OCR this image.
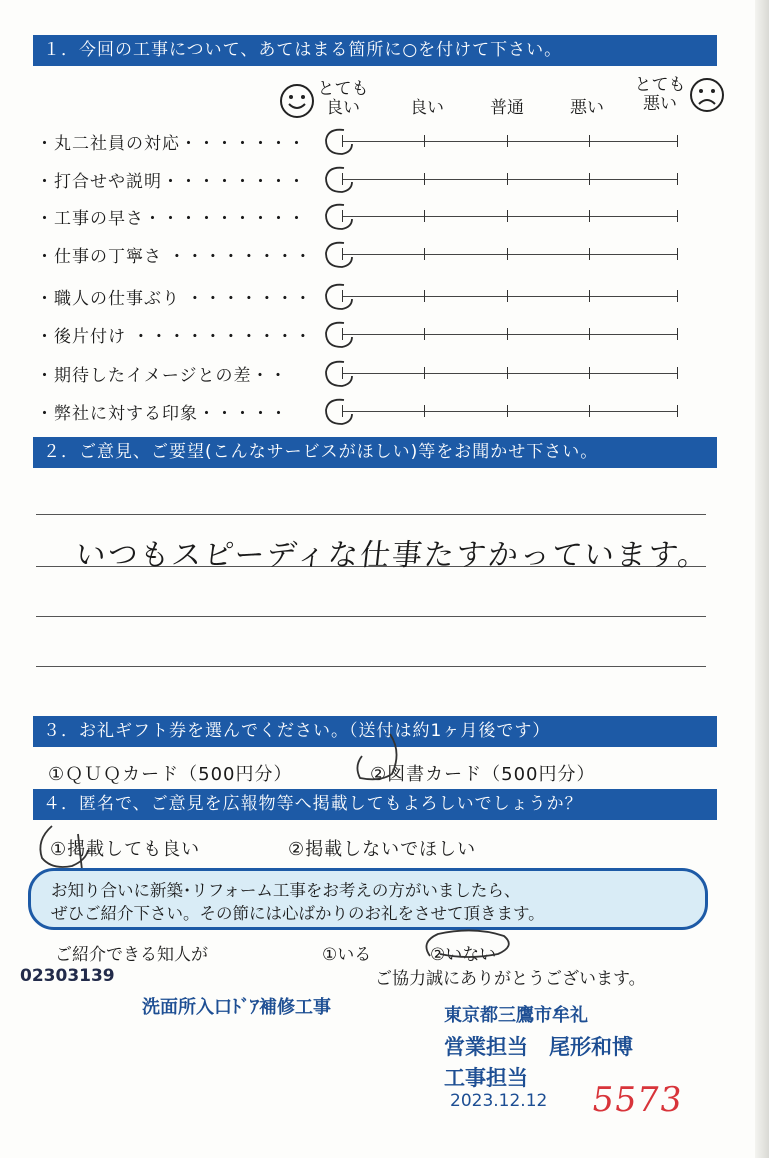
１．今回の工事について、あてはまる箇所に○を付けて下さい。
とても
良い	良い	普通	悪い
とても
悪い
・丸二社員の対応・・・・・・・
・打合せや説明・・・・・・・・
・工事の早さ・・・・・・・・・
・仕事の丁寧さ ・・・・・・・・
・職人の仕事ぶり ・・・・・・・
・後片付け ・・・・・・・・・・
・期待したイメージとの差・・
・弊社に対する印象・・・・・
２．ご意見、ご要望(こんなサービスがほしい)等をお聞かせ下さい。
いつもスピーディな仕事たすかっています。
３．お礼ギフト券を選んでください。（送付は約1ヶ月後です）
①ＱＵＱカード（500円分）	②図書カード（500円分）
４．匿名で、ご意見を広報物等へ掲載してもよろしいでしょうか？
①掲載しても良い	②掲載しないでほしい
お知り合いに新築･リフォーム工事をお考えの方がいましたら、
ぜひご紹介下さい。その節には心ばかりのお礼をさせて頂きます。
ご紹介できる知人が	①いる	②いない
ご協力誠にありがとうございます。
02303139
洗面所入口ﾄﾞｱ補修工事	東京都三鷹市牟礼
営業担当　尾形和博
工事担当
2023.12.12 5573
